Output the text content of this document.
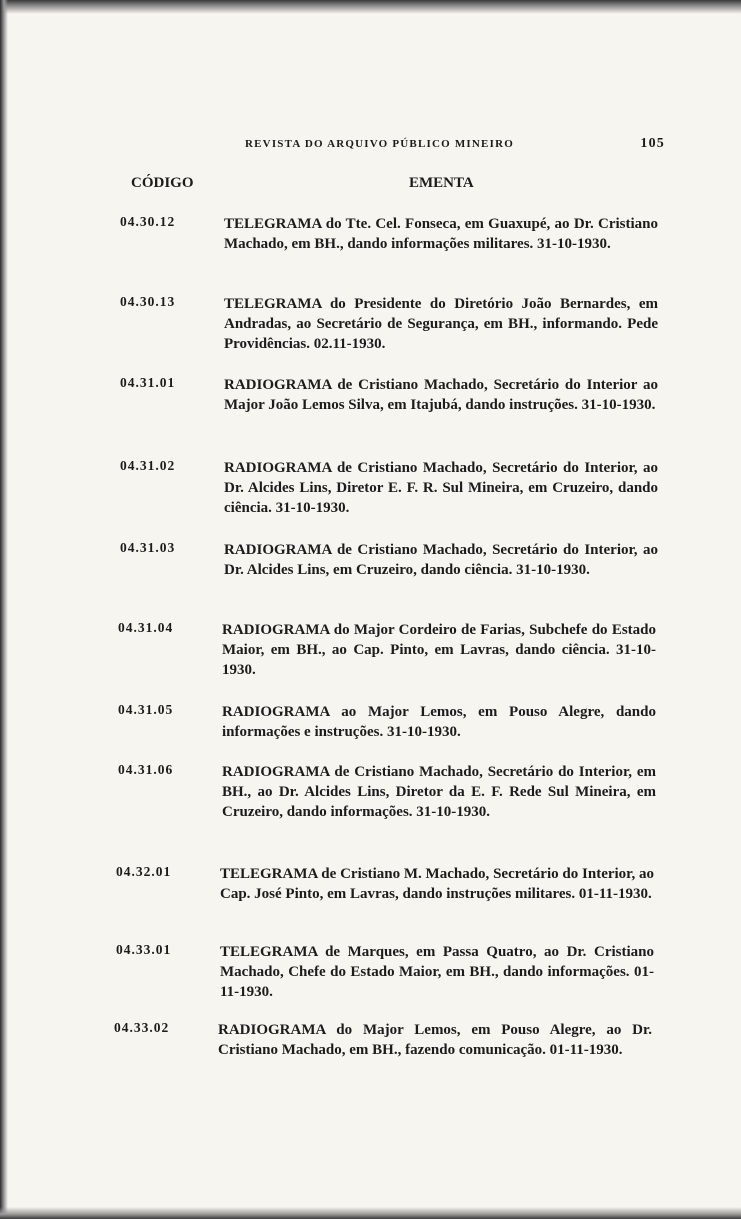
REVISTA DO ARQUIVO PÚBLICO MINEIRO	105
CÓDIGO	EMENTA
04.30.12	TELEGRAMA do Tte. Cel. Fonseca, em Guaxupé, ao Dr. Cristiano Machado, em BH., dando informações militares. 31-10-1930.
04.30.13	TELEGRAMA do Presidente do Diretório João Bernardes, em Andradas, ao Secretário de Segurança, em BH., informando. Pede Providências. 02.11-1930.
04.31.01	RADIOGRAMA de Cristiano Machado, Secretário do Interior ao Major João Lemos Silva, em Itajubá, dando instruções. 31-10-1930.
04.31.02	RADIOGRAMA de Cristiano Machado, Secretário do Interior, ao Dr. Alcides Lins, Diretor E. F. R. Sul Mineira, em Cruzeiro, dando ciência. 31-10-1930.
04.31.03	RADIOGRAMA de Cristiano Machado, Secretário do Interior, ao Dr. Alcides Lins, em Cruzeiro, dando ciência. 31-10-1930.
04.31.04	RADIOGRAMA do Major Cordeiro de Farias, Subchefe do Estado Maior, em BH., ao Cap. Pinto, em Lavras, dando ciência. 31-10-1930.
04.31.05	RADIOGRAMA ao Major Lemos, em Pouso Alegre, dando informações e instruções. 31-10-1930.
04.31.06	RADIOGRAMA de Cristiano Machado, Secretário do Interior, em BH., ao Dr. Alcides Lins, Diretor da E. F. Rede Sul Mineira, em Cruzeiro, dando informações. 31-10-1930.
04.32.01	TELEGRAMA de Cristiano M. Machado, Secretário do Interior, ao Cap. José Pinto, em Lavras, dando instruções militares. 01-11-1930.
04.33.01	TELEGRAMA de Marques, em Passa Quatro, ao Dr. Cristiano Machado, Chefe do Estado Maior, em BH., dando informações. 01-11-1930.
04.33.02	RADIOGRAMA do Major Lemos, em Pouso Alegre, ao Dr. Cristiano Machado, em BH., fazendo comunicação. 01-11-1930.
